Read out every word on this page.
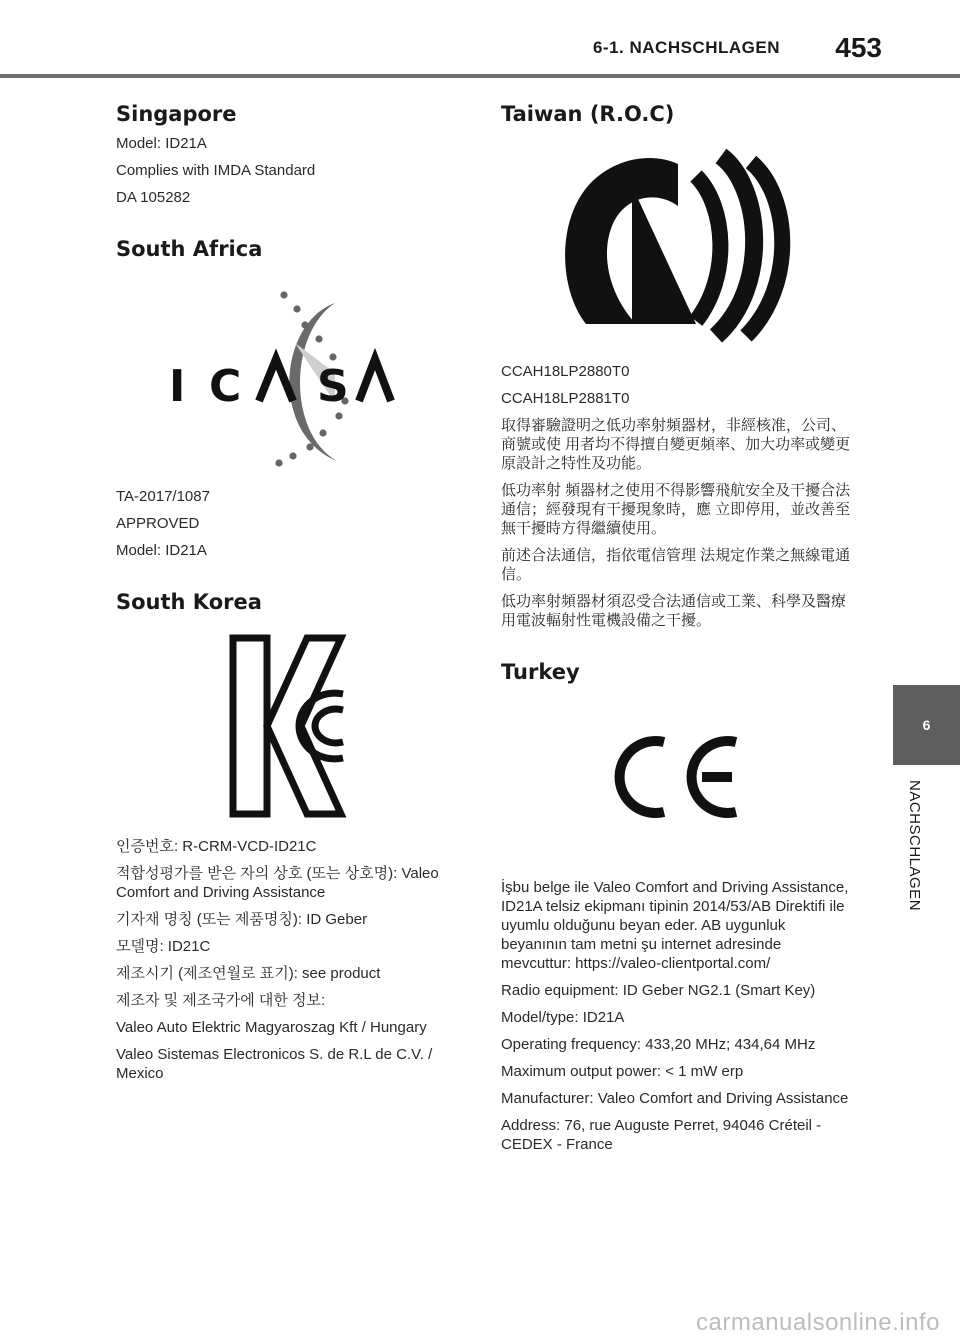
6-1. NACHSCHLAGEN 453
Singapore

Model: ID21A

Complies with IMDA Standard

DA 105282

South Africa
I C S
A

TA-2017/1087

APPROVED

Model: ID21A

South Korea

인증번호: R-CRM-VCD-ID21C

적합성평가를 받은 자의 상호 (또는 상호명): Valeo Comfort and Driving Assistance

기자재 명칭 (또는 제품명칭): ID Geber

모델명: ID21C

제조시기 (제조연월로 표기): see product

제조자 및 제조국가에 대한 정보:

Valeo Auto Elektric Magyaroszag Kft / Hungary

Valeo Sistemas Electronicos S. de R.L de C.V. / Mexico

Taiwan (R.O.C)

CCAH18LP2880T0

CCAH18LP2881T0

取得審驗證明之低功率射頻器材，非經核准，公司、商號或使 用者均不得擅自變更頻率、加大功率或變更原設計之特性及功能。

低功率射 頻器材之使用不得影響飛航安全及干擾合法通信；經發現有干擾現象時，應 立即停用，並改善至無干擾時方得繼續使用。

前述合法通信，指依電信管理 法規定作業之無線電通信。

低功率射頻器材須忍受合法通信或工業、科學及醫療用電波輻射性電機設備之干擾。

Turkey

İşbu belge ile Valeo Comfort and Driving Assistance, ID21A telsiz ekipmanı tipinin 2014/53/AB Direktifi ile uyumlu olduğunu beyan eder. AB uygunluk beyanının tam metni şu internet adresinde mevcuttur: https://valeo-clientportal.com/

Radio equipment: ID Geber NG2.1 (Smart Key)

Model/type: ID21A

Operating frequency: 433,20 MHz; 434,64 MHz

Maximum output power: < 1 mW erp

Manufacturer: Valeo Comfort and Driving Assistance

Address: 76, rue Auguste Perret, 94046 Créteil - CEDEX - France

6
NACHSCHLAGEN
carmanualsonline.info
